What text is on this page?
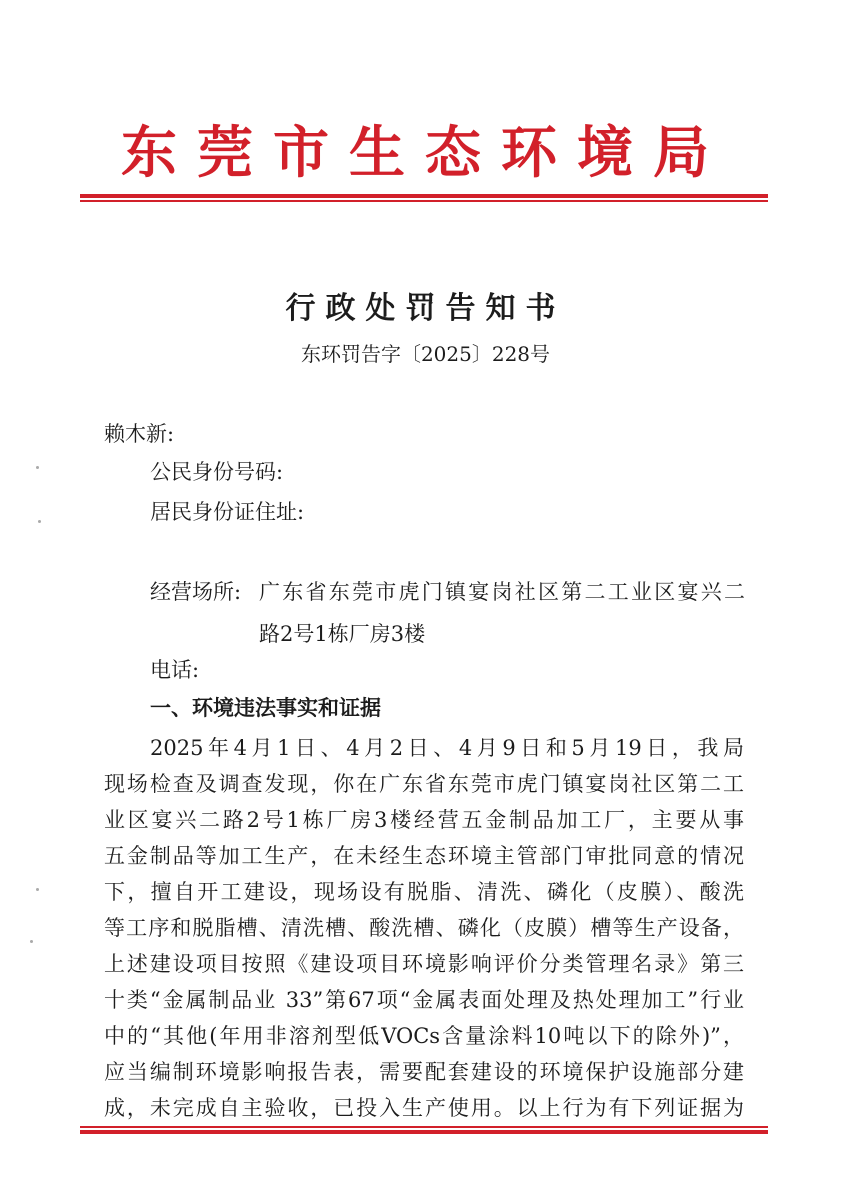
东莞市生态环境局
行政处罚告知书
东环罚告字〔2025〕228号
赖木新:
公民身份号码:
居民身份证住址:
经营场所: 广东省东莞市虎门镇宴岗社区第二工业区宴兴二
路2号1栋厂房3楼
电话:
一、环境违法事实和证据
2025年4月1日、4月2日、4月9日和5月19日，我局
现场检查及调查发现，你在广东省东莞市虎门镇宴岗社区第二工
业区宴兴二路2号1栋厂房3楼经营五金制品加工厂，主要从事
五金制品等加工生产，在未经生态环境主管部门审批同意的情况
下，擅自开工建设，现场设有脱脂、清洗、磷化（皮膜）、酸洗
等工序和脱脂槽、清洗槽、酸洗槽、磷化（皮膜）槽等生产设备，
上述建设项目按照《建设项目环境影响评价分类管理名录》第三
十类“金属制品业 33”第67项“金属表面处理及热处理加工”行业
中的“其他(年用非溶剂型低VOCs含量涂料10吨以下的除外)”，
应当编制环境影响报告表，需要配套建设的环境保护设施部分建
成，未完成自主验收，已投入生产使用。以上行为有下列证据为
